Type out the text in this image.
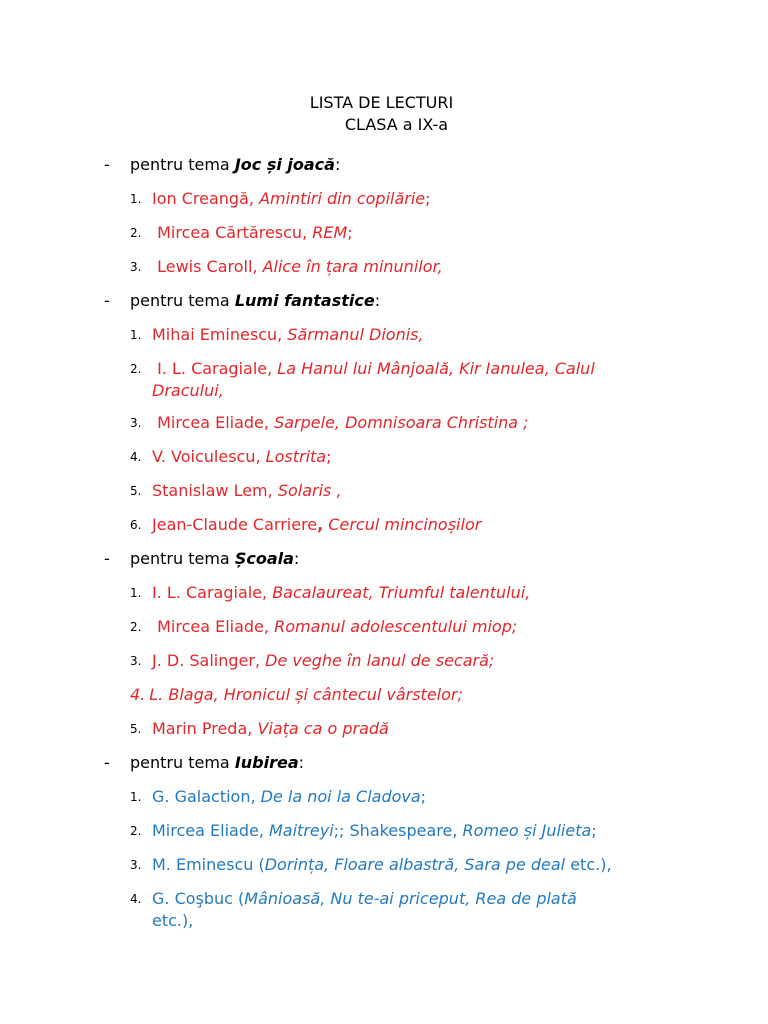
LISTA DE LECTURI
CLASA a IX-a
- pentru tema Joc și joacă:
1. Ion Creangă, Amintiri din copilărie;
2. Mircea Cărtărescu, REM;
3. Lewis Caroll, Alice în țara minunilor,
- pentru tema Lumi fantastice:
1. Mihai Eminescu, Sărmanul Dionis,
2. I. L. Caragiale, La Hanul lui Mânjoală, Kir Ianulea, Calul
Dracului,
3. Mircea Eliade, Sarpele, Domnisoara Christina ;
4. V. Voiculescu, Lostrita;
5. Stanislaw Lem, Solaris ,
6. Jean-Claude Carriere, Cercul mincinoșilor
- pentru tema Școala:
1. I. L. Caragiale, Bacalaureat, Triumful talentului,
2. Mircea Eliade, Romanul adolescentului miop;
3. J. D. Salinger, De veghe în lanul de secară;
4. L. Blaga, Hronicul și cântecul vârstelor;
5. Marin Preda, Viața ca o pradă
- pentru tema Iubirea:
1. G. Galaction, De la noi la Cladova;
2. Mircea Eliade, Maitreyi;; Shakespeare, Romeo și Julieta;
3. M. Eminescu (Dorința, Floare albastră, Sara pe deal etc.),
4. G. Coşbuc (Mânioasă, Nu te-ai priceput, Rea de plată
etc.),
